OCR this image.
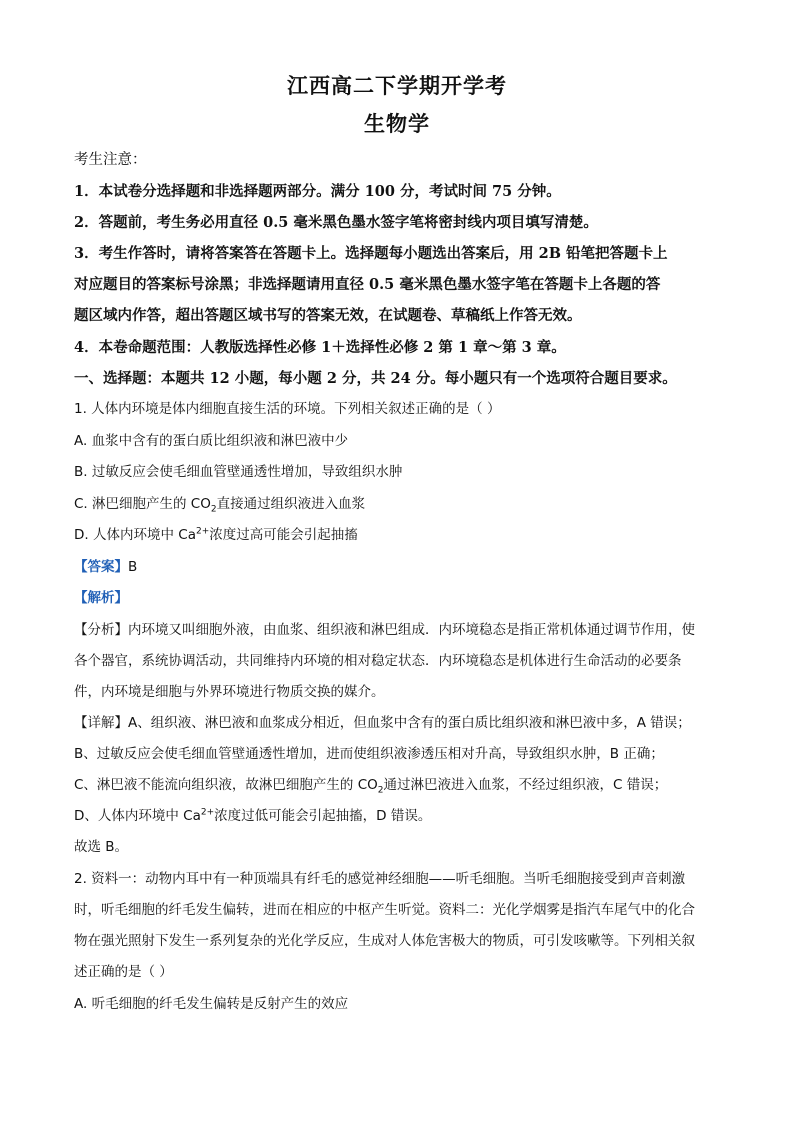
江西高二下学期开学考
生物学
考生注意：
1．本试卷分选择题和非选择题两部分。满分 100 分，考试时间 75 分钟。
2．答题前，考生务必用直径 0.5 毫米黑色墨水签字笔将密封线内项目填写清楚。
3．考生作答时，请将答案答在答题卡上。选择题每小题选出答案后，用 2B 铅笔把答题卡上
对应题目的答案标号涂黑；非选择题请用直径 0.5 毫米黑色墨水签字笔在答题卡上各题的答
题区域内作答，超出答题区域书写的答案无效，在试题卷、草稿纸上作答无效。
4．本卷命题范围：人教版选择性必修 1＋选择性必修 2 第 1 章～第 3 章。
一、选择题：本题共 12 小题，每小题 2 分，共 24 分。每小题只有一个选项符合题目要求。
1. 人体内环境是体内细胞直接生活的环境。下列相关叙述正确的是（ ）
A. 血浆中含有的蛋白质比组织液和淋巴液中少
B. 过敏反应会使毛细血管壁通透性增加，导致组织水肿
C. 淋巴细胞产生的 $CO_2$直接通过组织液进入血浆
D. 人体内环境中 $Ca^{2+}$浓度过高可能会引起抽搐
【答案】B
【解析】
【分析】内环境又叫细胞外液，由血浆、组织液和淋巴组成．内环境稳态是指正常机体通过调节作用，使
各个器官，系统协调活动，共同维持内环境的相对稳定状态．内环境稳态是机体进行生命活动的必要条
件，内环境是细胞与外界环境进行物质交换的媒介。
【详解】A、组织液、淋巴液和血浆成分相近，但血浆中含有的蛋白质比组织液和淋巴液中多，A 错误；
B、过敏反应会使毛细血管壁通透性增加，进而使组织液渗透压相对升高，导致组织水肿，B 正确；
C、淋巴液不能流向组织液，故淋巴细胞产生的 $CO_2$通过淋巴液进入血浆，不经过组织液，C 错误；
D、人体内环境中 $Ca^{2+}$浓度过低可能会引起抽搐，D 错误。
故选 B。
2. 资料一：动物内耳中有一种顶端具有纤毛的感觉神经细胞——听毛细胞。当听毛细胞接受到声音刺激
时，听毛细胞的纤毛发生偏转，进而在相应的中枢产生听觉。资料二：光化学烟雾是指汽车尾气中的化合
物在强光照射下发生一系列复杂的光化学反应，生成对人体危害极大的物质，可引发咳嗽等。下列相关叙
述正确的是（ ）
A. 听毛细胞的纤毛发生偏转是反射产生的效应
